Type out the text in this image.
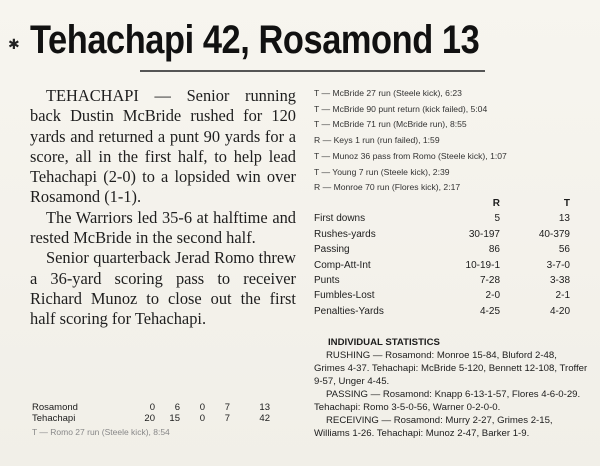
✱ Tehachapi 42, Rosamond 13

TEHACHAPI — Senior running back Dustin McBride rushed for 120 yards and returned a punt 90 yards for a score, all in the first half, to help lead Tehachapi (2-0) to a lopsided win over Rosamond (1-1).

The Warriors led 35-6 at halftime and rested McBride in the second half.

Senior quarterback Jerad Romo threw a 36-yard scoring pass to receiver Richard Munoz to close out the first half scoring for Tehachapi.

Rosamond	0	6	0	7	13
Tehachapi	20	15	0	7	42
T — Romo 27 run (Steele kick), 8:54
T — McBride 27 run (Steele kick), 6:23
T — McBride 90 punt return (kick failed), 5:04
T — McBride 71 run (McBride run), 8:55
R — Keys 1 run (run failed), 1:59
T — Munoz 36 pass from Romo (Steele kick), 1:07
T — Young 7 run (Steele kick), 2:39
R — Monroe 70 run (Flores kick), 2:17
R	T
First downs	5	13
Rushes-yards	30-197	40-379
Passing	86	56
Comp-Att-Int	10-19-1	3-7-0
Punts	7-28	3-38
Fumbles-Lost	2-0	2-1
Penalties-Yards	4-25	4-20
INDIVIDUAL STATISTICS

RUSHING — Rosamond: Monroe 15-84, Bluford 2-48, Grimes 4-37. Tehachapi: McBride 5-120, Bennett 12-108, Troffer 9-57, Unger 4-45.

PASSING — Rosamond: Knapp 6-13-1-57, Flores 4-6-0-29. Tehachapi: Romo 3-5-0-56, Warner 0-2-0-0.

RECEIVING — Rosamond: Murry 2-27, Grimes 2-15, Williams 1-26. Tehachapi: Munoz 2-47, Barker 1-9.
